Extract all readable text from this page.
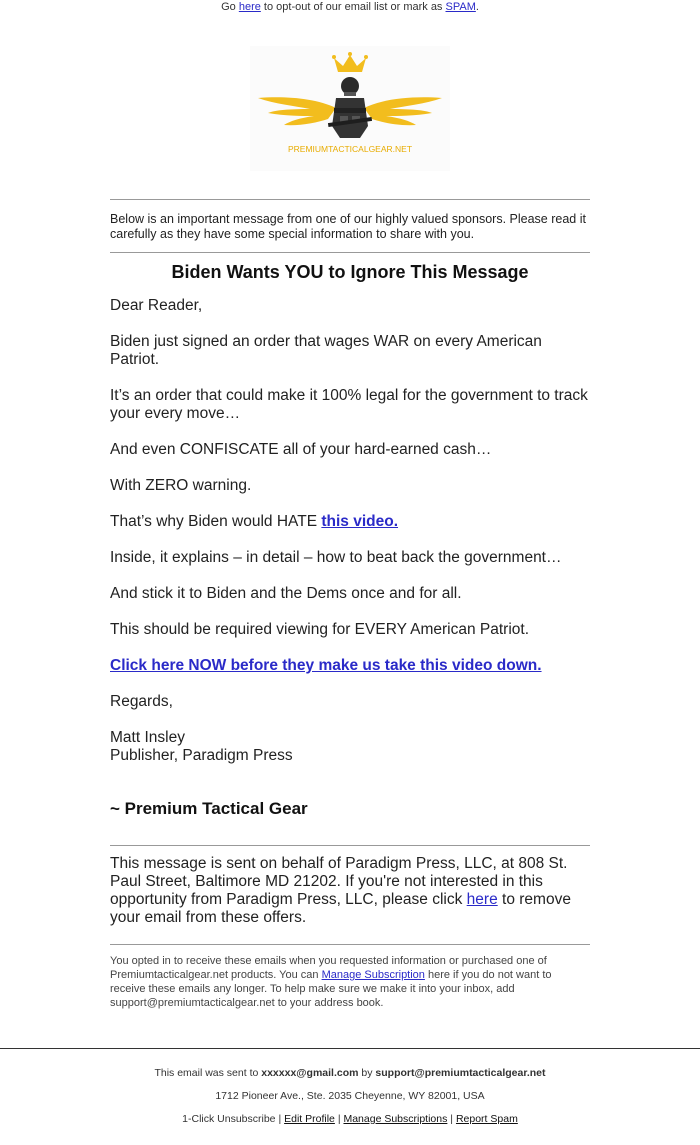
Go here to opt-out of our email list or mark as SPAM.
PREMIUMTACTICALGEAR.NET
Below is an important message from one of our highly valued sponsors. Please read it carefully as they have some special information to share with you.
Biden Wants YOU to Ignore This Message

Dear Reader,

Biden just signed an order that wages WAR on every American Patriot.

It’s an order that could make it 100% legal for the government to track your every move…

And even CONFISCATE all of your hard-earned cash…

With ZERO warning.

That’s why Biden would HATE this video.

Inside, it explains – in detail – how to beat back the government…

And stick it to Biden and the Dems once and for all.

This should be required viewing for EVERY American Patriot.

Click here NOW before they make us take this video down.

Regards,

Matt Insley
Publisher, Paradigm Press
~ Premium Tactical Gear
This message is sent on behalf of Paradigm Press, LLC, at 808 St. Paul Street, Baltimore MD 21202. If you're not interested in this opportunity from Paradigm Press, LLC, please click here to remove your email from these offers.
You opted in to receive these emails when you requested information or purchased one of Premiumtacticalgear.net products. You can Manage Subscription here if you do not want to receive these emails any longer. To help make sure we make it into your inbox, add support@premiumtacticalgear.net to your address book.
This email was sent to xxxxxx@gmail.com by support@premiumtacticalgear.net
1712 Pioneer Ave., Ste. 2035 Cheyenne, WY 82001, USA
1-Click Unsubscribe | Edit Profile | Manage Subscriptions | Report Spam
